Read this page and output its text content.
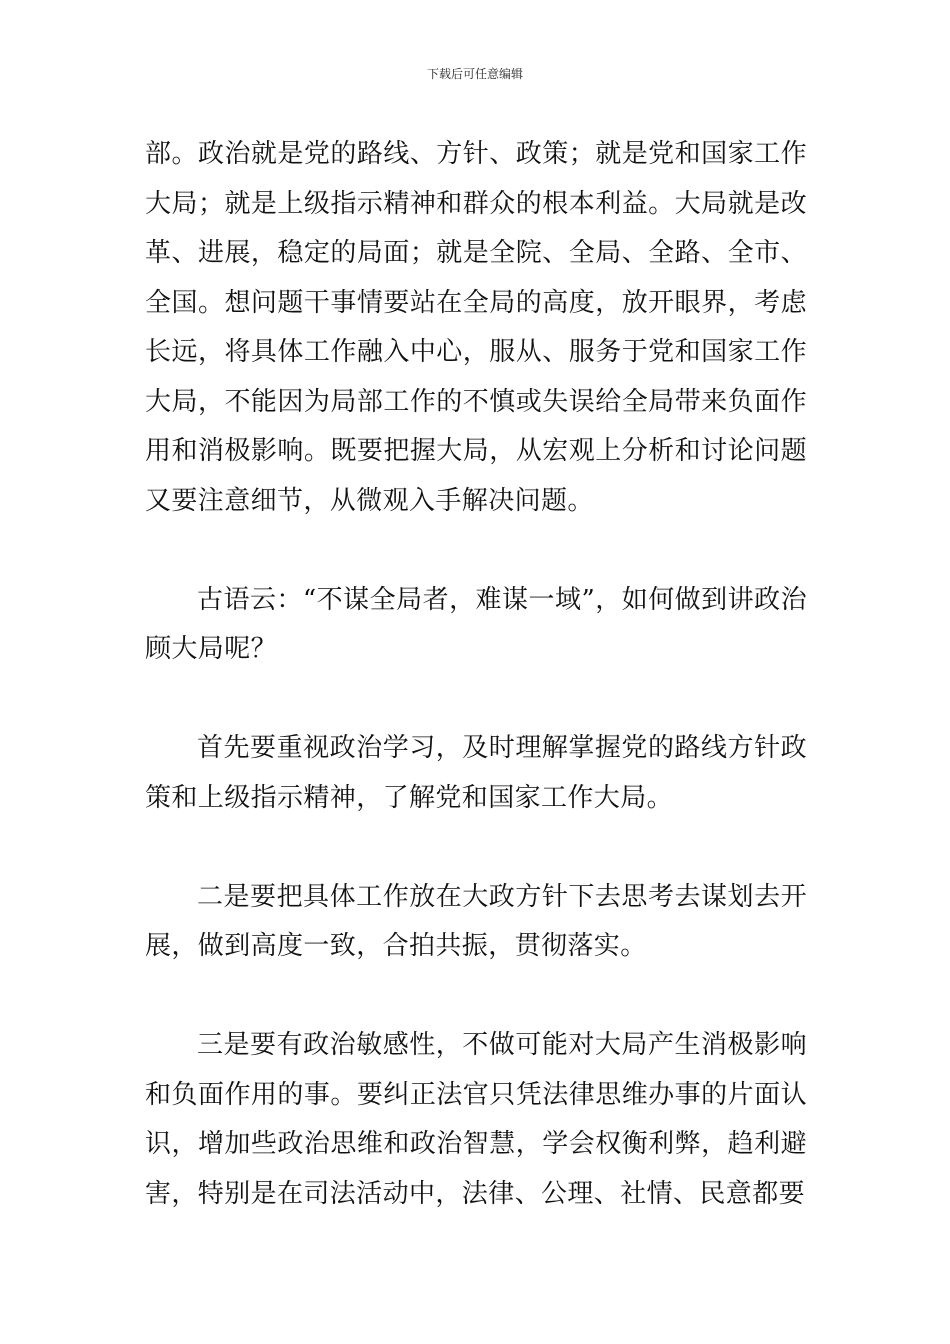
下载后可任意编辑

部。政治就是党的路线、方针、政策；就是党和国家工作大局；就是上级指示精神和群众的根本利益。大局就是改革、进展，稳定的局面；就是全院、全局、全路、全市、全国。想问题干事情要站在全局的高度，放开眼界，考虑长远，将具体工作融入中心，服从、服务于党和国家工作大局，不能因为局部工作的不慎或失误给全局带来负面作用和消极影响。既要把握大局，从宏观上分析和讨论问题又要注意细节，从微观入手解决问题。

古语云：“不谋全局者，难谋一域”，如何做到讲政治顾大局呢？

首先要重视政治学习，及时理解掌握党的路线方针政策和上级指示精神，了解党和国家工作大局。

二是要把具体工作放在大政方针下去思考去谋划去开展，做到高度一致，合拍共振，贯彻落实。

三是要有政治敏感性，不做可能对大局产生消极影响和负面作用的事。要纠正法官只凭法律思维办事的片面认识，增加些政治思维和政治智慧，学会权衡利弊，趋利避害，特别是在司法活动中，法律、公理、社情、民意都要
